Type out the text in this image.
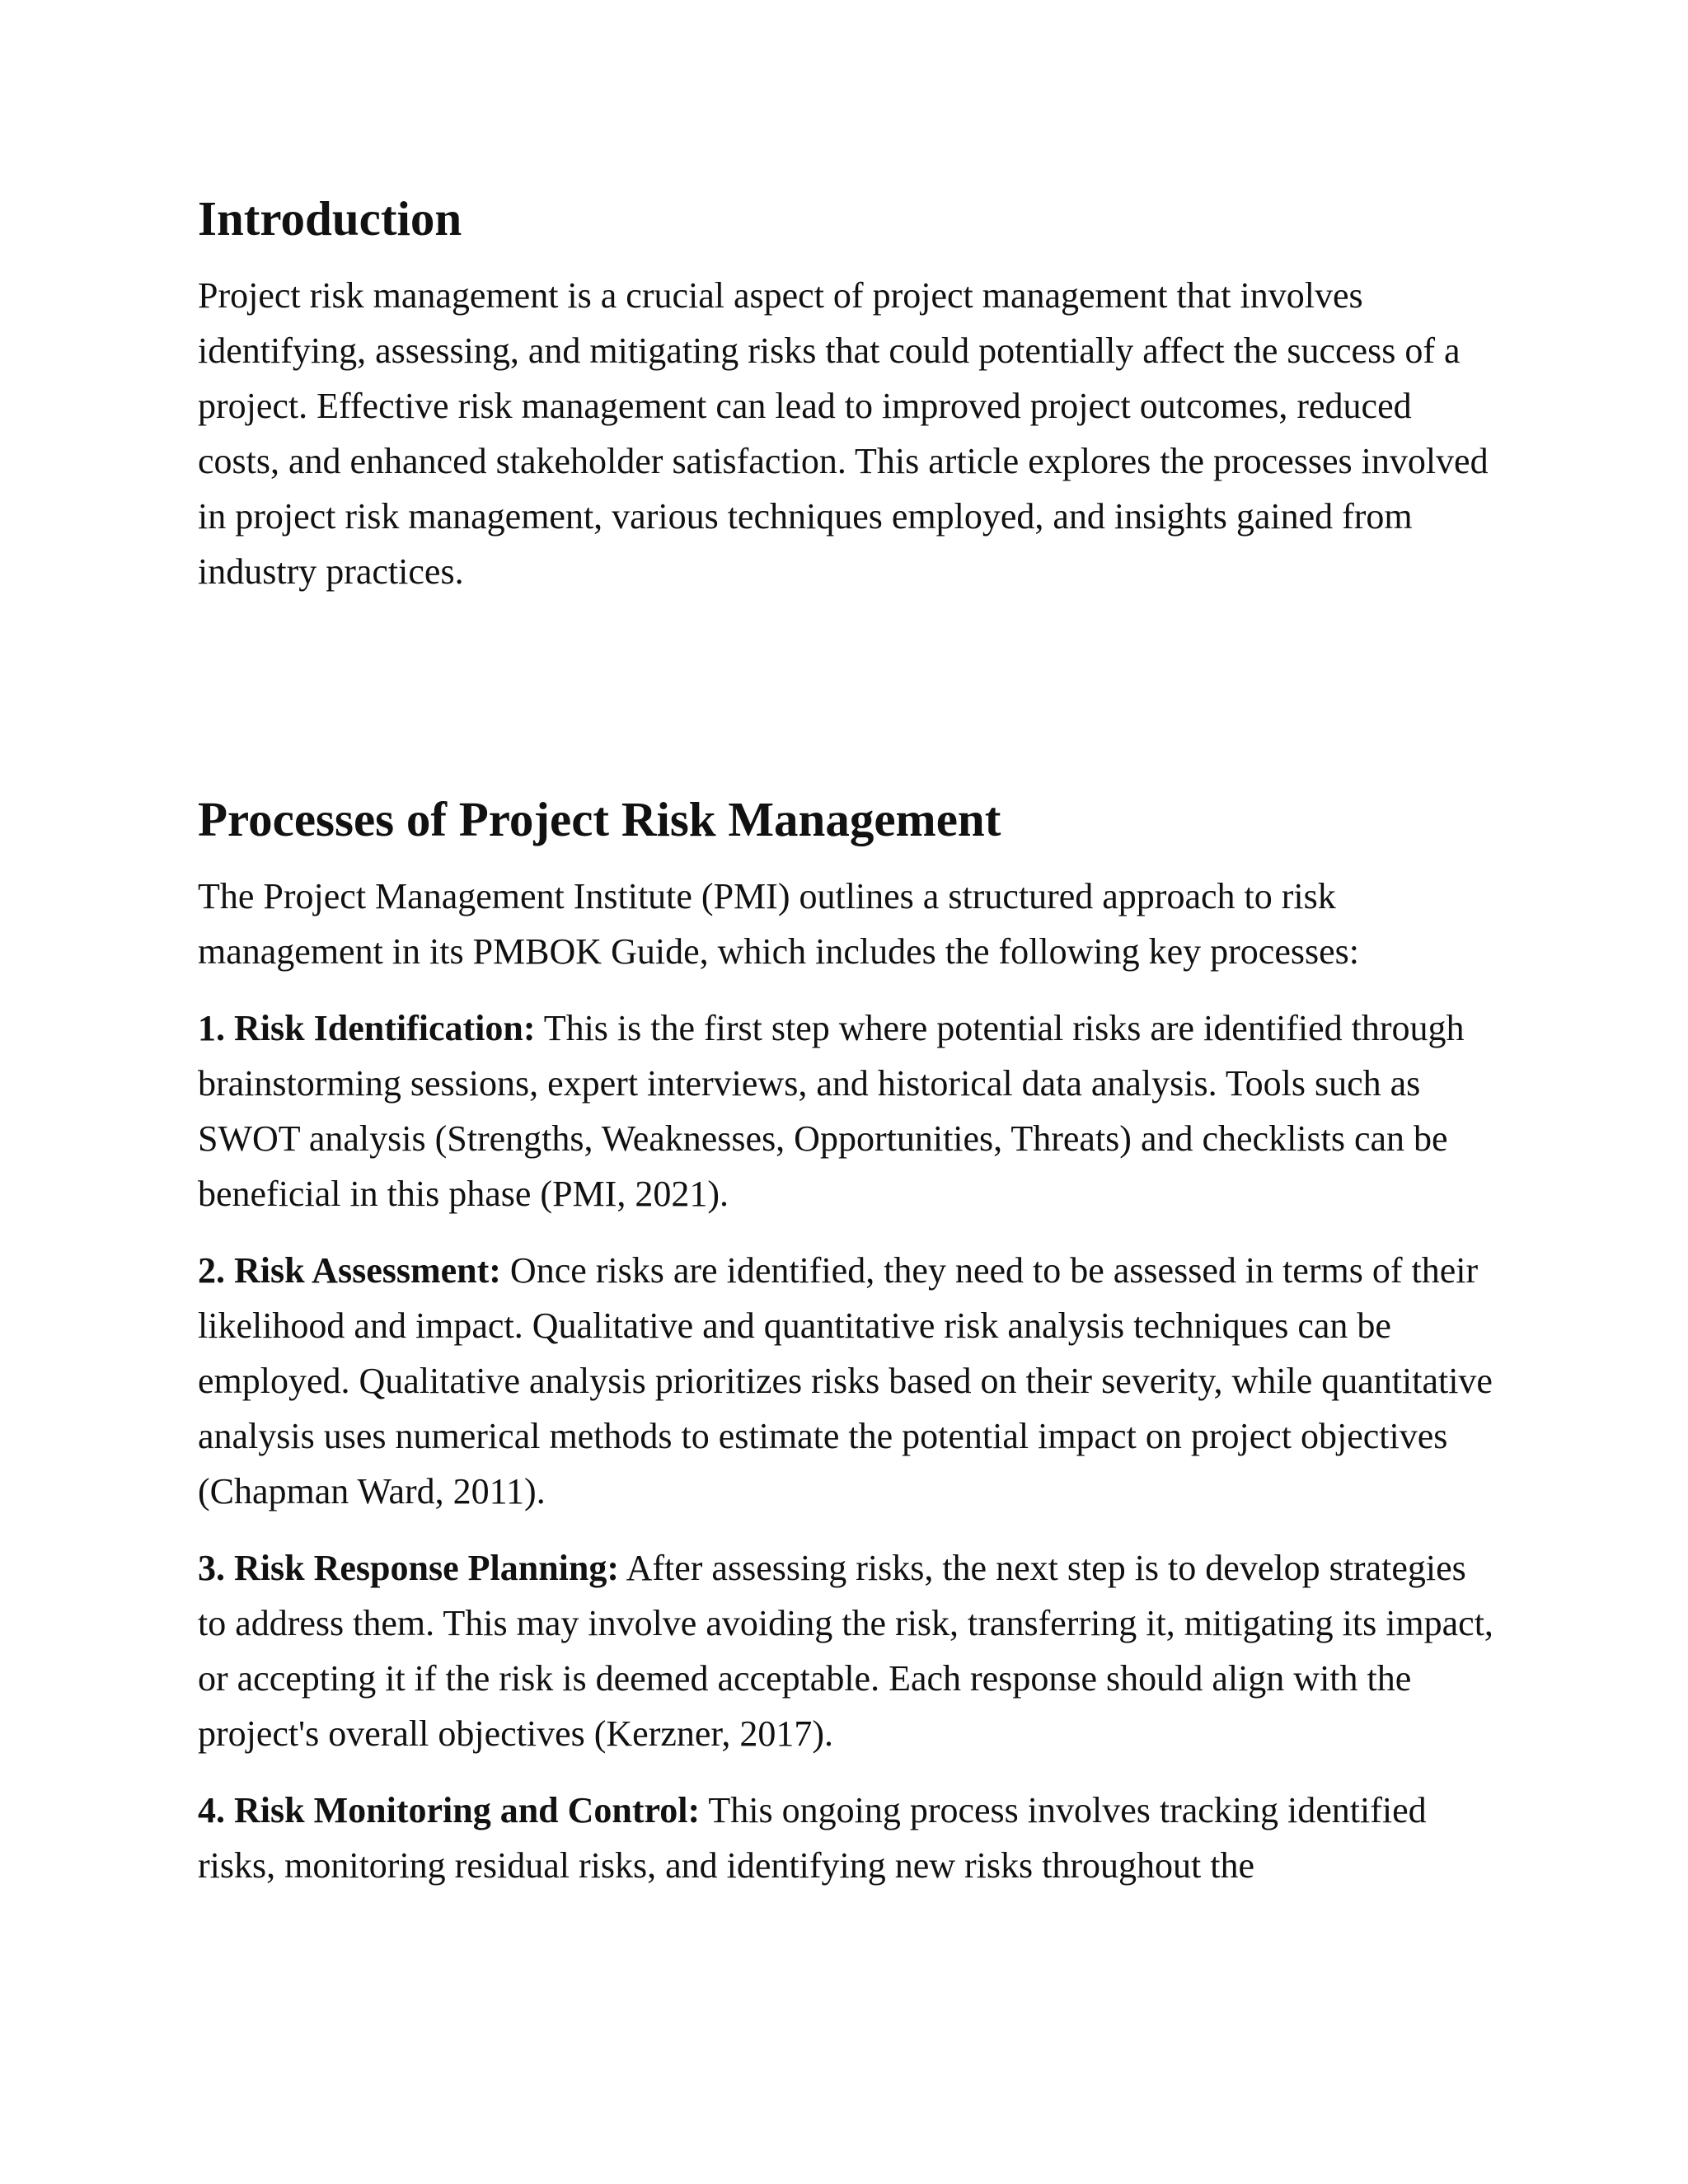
Introduction

Project risk management is a crucial aspect of project management that involves identifying, assessing, and mitigating risks that could potentially affect the success of a project. Effective risk management can lead to improved project outcomes, reduced costs, and enhanced stakeholder satisfaction. This article explores the processes involved in project risk management, various techniques employed, and insights gained from industry practices.

Processes of Project Risk Management

The Project Management Institute (PMI) outlines a structured approach to risk management in its PMBOK Guide, which includes the following key processes:

1. Risk Identification: This is the first step where potential risks are identified through brainstorming sessions, expert interviews, and historical data analysis. Tools such as SWOT analysis (Strengths, Weaknesses, Opportunities, Threats) and checklists can be beneficial in this phase (PMI, 2021).

2. Risk Assessment: Once risks are identified, they need to be assessed in terms of their likelihood and impact. Qualitative and quantitative risk analysis techniques can be employed. Qualitative analysis prioritizes risks based on their severity, while quantitative analysis uses numerical methods to estimate the potential impact on project objectives (Chapman Ward, 2011).

3. Risk Response Planning: After assessing risks, the next step is to develop strategies to address them. This may involve avoiding the risk, transferring it, mitigating its impact, or accepting it if the risk is deemed acceptable. Each response should align with the project's overall objectives (Kerzner, 2017).

4. Risk Monitoring and Control: This ongoing process involves tracking identified risks, monitoring residual risks, and identifying new risks throughout the
